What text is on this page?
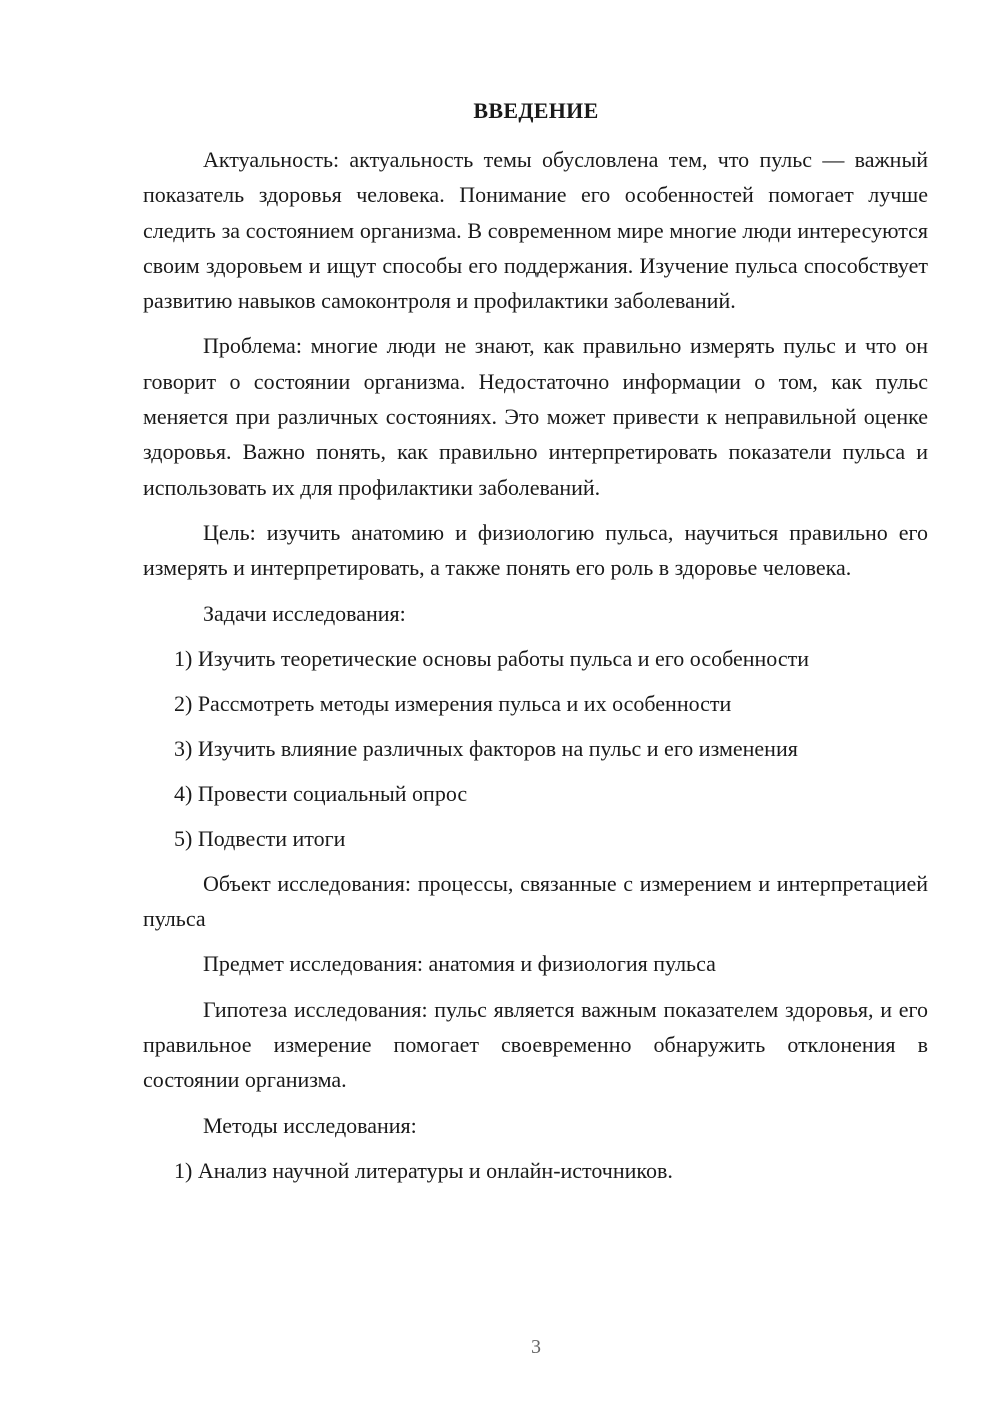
ВВЕДЕНИЕ

Актуальность: актуальность темы обусловлена тем, что пульс — важный показатель здоровья человека. Понимание его особенностей помогает лучше следить за состоянием организма. В современном мире многие люди интересуются своим здоровьем и ищут способы его поддержания. Изучение пульса способствует развитию навыков самоконтроля и профилактики заболеваний.

Проблема: многие люди не знают, как правильно измерять пульс и что он говорит о состоянии организма. Недостаточно информации о том, как пульс меняется при различных состояниях. Это может привести к неправильной оценке здоровья. Важно понять, как правильно интерпретировать показатели пульса и использовать их для профилактики заболеваний.

Цель: изучить анатомию и физиологию пульса, научиться правильно его измерять и интерпретировать, а также понять его роль в здоровье человека.

Задачи исследования:

1) Изучить теоретические основы работы пульса и его особенности

2) Рассмотреть методы измерения пульса и их особенности

3) Изучить влияние различных факторов на пульс и его изменения

4) Провести социальный опрос

5) Подвести итоги

Объект исследования: процессы, связанные с измерением и интерпретацией пульса

Предмет исследования: анатомия и физиология пульса

Гипотеза исследования: пульс является важным показателем здоровья, и его правильное измерение помогает своевременно обнаружить отклонения в состоянии организма.

Методы исследования:

1) Анализ научной литературы и онлайн-источников.

3
